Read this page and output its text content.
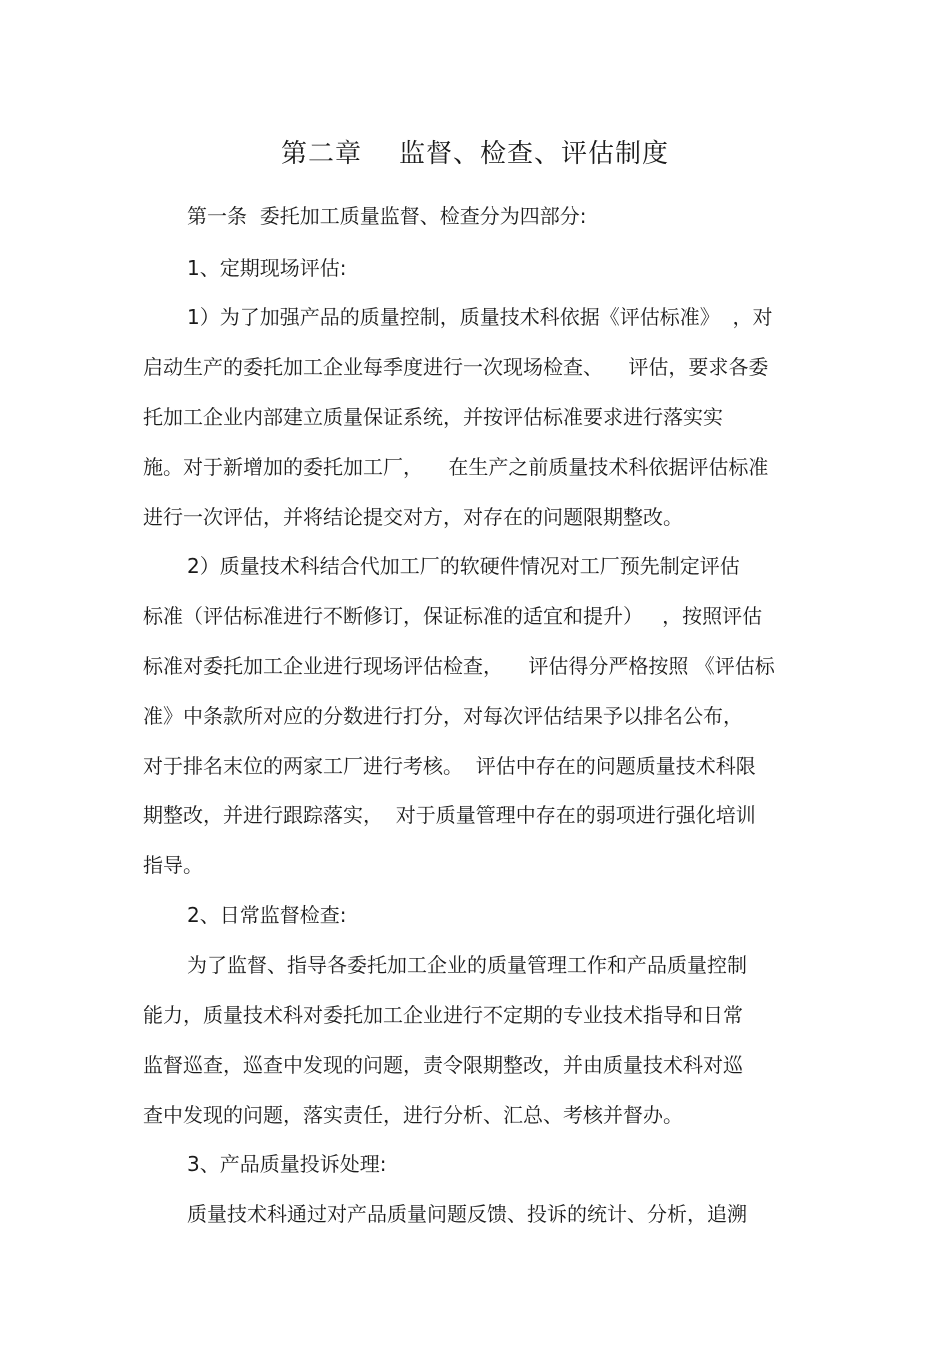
第二章    监督、检查、评估制度
第一条  委托加工质量监督、检查分为四部分:
1、定期现场评估:
1）为了加强产品的质量控制，质量技术科依据《评估标准》  ，对
启动生产的委托加工企业每季度进行一次现场检查、    评估，要求各委
托加工企业内部建立质量保证系统，并按评估标准要求进行落实实
施。对于新增加的委托加工厂，    在生产之前质量技术科依据评估标准
进行一次评估，并将结论提交对方，对存在的问题限期整改。
2）质量技术科结合代加工厂的软硬件情况对工厂预先制定评估
标准（评估标准进行不断修订，保证标准的适宜和提升）   ，按照评估
标准对委托加工企业进行现场评估检查，    评估得分严格按照 《评估标
准》中条款所对应的分数进行打分，对每次评估结果予以排名公布，
对于排名末位的两家工厂进行考核。  评估中存在的问题质量技术科限
期整改，并进行跟踪落实，  对于质量管理中存在的弱项进行强化培训
指导。
2、日常监督检查:
为了监督、指导各委托加工企业的质量管理工作和产品质量控制
能力，质量技术科对委托加工企业进行不定期的专业技术指导和日常
监督巡查，巡查中发现的问题，责令限期整改，并由质量技术科对巡
查中发现的问题，落实责任，进行分析、汇总、考核并督办。
3、产品质量投诉处理:
质量技术科通过对产品质量问题反馈、投诉的统计、分析，追溯
